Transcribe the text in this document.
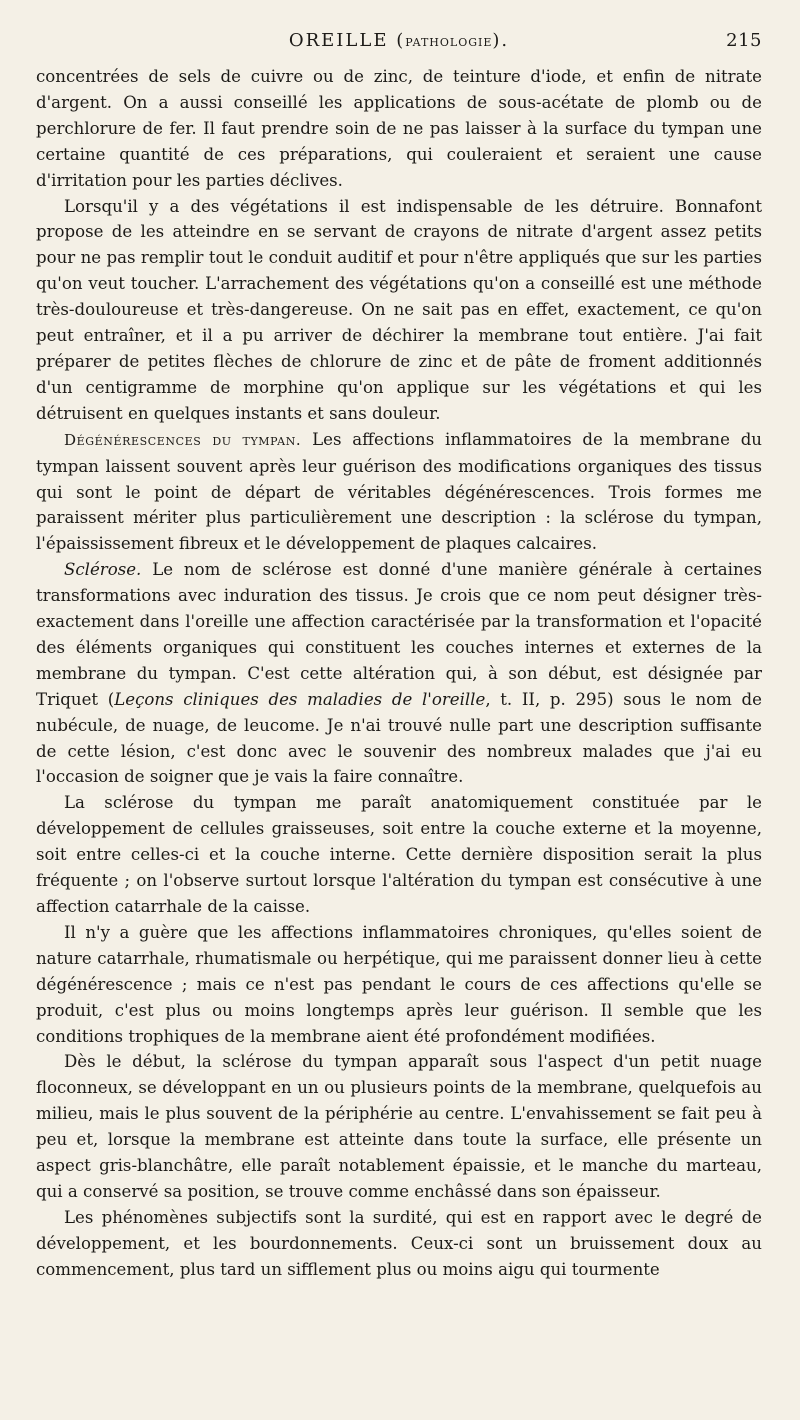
OREILLE (pathologie).	215

concentrées de sels de cuivre ou de zinc, de teinture d'iode, et enfin de nitrate d'argent. On a aussi conseillé les applications de sous-acétate de plomb ou de perchlorure de fer. Il faut prendre soin de ne pas laisser à la surface du tympan une certaine quantité de ces préparations, qui couleraient et seraient une cause d'irritation pour les parties déclives.

Lorsqu'il y a des végétations il est indispensable de les détruire. Bonnafont propose de les atteindre en se servant de crayons de nitrate d'argent assez petits pour ne pas remplir tout le conduit auditif et pour n'être appliqués que sur les parties qu'on veut toucher. L'arrachement des végétations qu'on a conseillé est une méthode très-douloureuse et très-dangereuse. On ne sait pas en effet, exactement, ce qu'on peut entraîner, et il a pu arriver de déchirer la membrane tout entière. J'ai fait préparer de petites flèches de chlorure de zinc et de pâte de froment additionnés d'un centigramme de morphine qu'on applique sur les végétations et qui les détruisent en quelques instants et sans douleur.

Dégénérescences du tympan. Les affections inflammatoires de la membrane du tympan laissent souvent après leur guérison des modifications organiques des tissus qui sont le point de départ de véritables dégénérescences. Trois formes me paraissent mériter plus particulièrement une description : la sclérose du tympan, l'épaississement fibreux et le développement de plaques calcaires.

Sclérose. Le nom de sclérose est donné d'une manière générale à certaines transformations avec induration des tissus. Je crois que ce nom peut désigner très-exactement dans l'oreille une affection caractérisée par la transformation et l'opacité des éléments organiques qui constituent les couches internes et externes de la membrane du tympan. C'est cette altération qui, à son début, est désignée par Triquet (Leçons cliniques des maladies de l'oreille, t. II, p. 295) sous le nom de nubécule, de nuage, de leucome. Je n'ai trouvé nulle part une description suffisante de cette lésion, c'est donc avec le souvenir des nombreux malades que j'ai eu l'occasion de soigner que je vais la faire connaître.

La sclérose du tympan me paraît anatomiquement constituée par le développement de cellules graisseuses, soit entre la couche externe et la moyenne, soit entre celles-ci et la couche interne. Cette dernière disposition serait la plus fréquente ; on l'observe surtout lorsque l'altération du tympan est consécutive à une affection catarrhale de la caisse.

Il n'y a guère que les affections inflammatoires chroniques, qu'elles soient de nature catarrhale, rhumatismale ou herpétique, qui me paraissent donner lieu à cette dégénérescence ; mais ce n'est pas pendant le cours de ces affections qu'elle se produit, c'est plus ou moins longtemps après leur guérison. Il semble que les conditions trophiques de la membrane aient été profondément modifiées.

Dès le début, la sclérose du tympan apparaît sous l'aspect d'un petit nuage floconneux, se développant en un ou plusieurs points de la membrane, quelquefois au milieu, mais le plus souvent de la périphérie au centre. L'envahissement se fait peu à peu et, lorsque la membrane est atteinte dans toute la surface, elle présente un aspect gris-blanchâtre, elle paraît notablement épaissie, et le manche du marteau, qui a conservé sa position, se trouve comme enchâssé dans son épaisseur.

Les phénomènes subjectifs sont la surdité, qui est en rapport avec le degré de développement, et les bourdonnements. Ceux-ci sont un bruissement doux au commencement, plus tard un sifflement plus ou moins aigu qui tourmente
